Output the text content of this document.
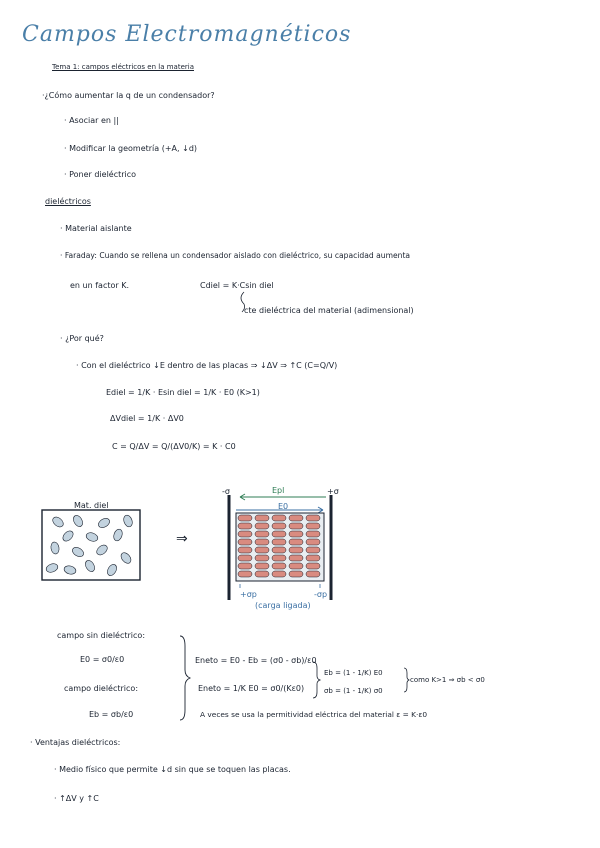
Campos Electromagnéticos
Tema 1: campos eléctricos en la materia
·¿Cómo aumentar la q de un condensador?
· Asociar en ||
· Modificar la geometría (+A, ↓d)
· Poner dieléctrico
dieléctricos
· Material aislante
· Faraday: Cuando se rellena un condensador aislado con dieléctrico, su capacidad aumenta
en un factor K.	Cdiel = K·Csin diel
cte dieléctrica del material (adimensional)
· ¿Por qué?
· Con el dieléctrico ↓E dentro de las placas ⇒ ↓ΔV ⇒ ↑C (C=Q/V)
Ediel = 1/K · Esin diel = 1/K · E0 (K>1)
ΔVdiel = 1/K · ΔV0
C = Q/ΔV = Q/(ΔV0/K) = K · C0
Mat. diel
⇒
-σ	+σ
Epl
E0
+σp	-σp
(carga ligada)
campo sin dieléctrico:
E0 = σ0/ε0
campo dieléctrico:
Eb = σb/ε0
Eneto = E0 - Eb = (σ0 - σb)/ε0
Eneto = 1/K E0 = σ0/(Kε0)
Eb = (1 - 1/K) E0
σb = (1 - 1/K) σ0
como K>1 ⇒ σb < σ0
A veces se usa la permitividad eléctrica del material ε = K·ε0
· Ventajas dieléctricos:
· Medio físico que permite ↓d sin que se toquen las placas.
· ↑ΔV y ↑C
